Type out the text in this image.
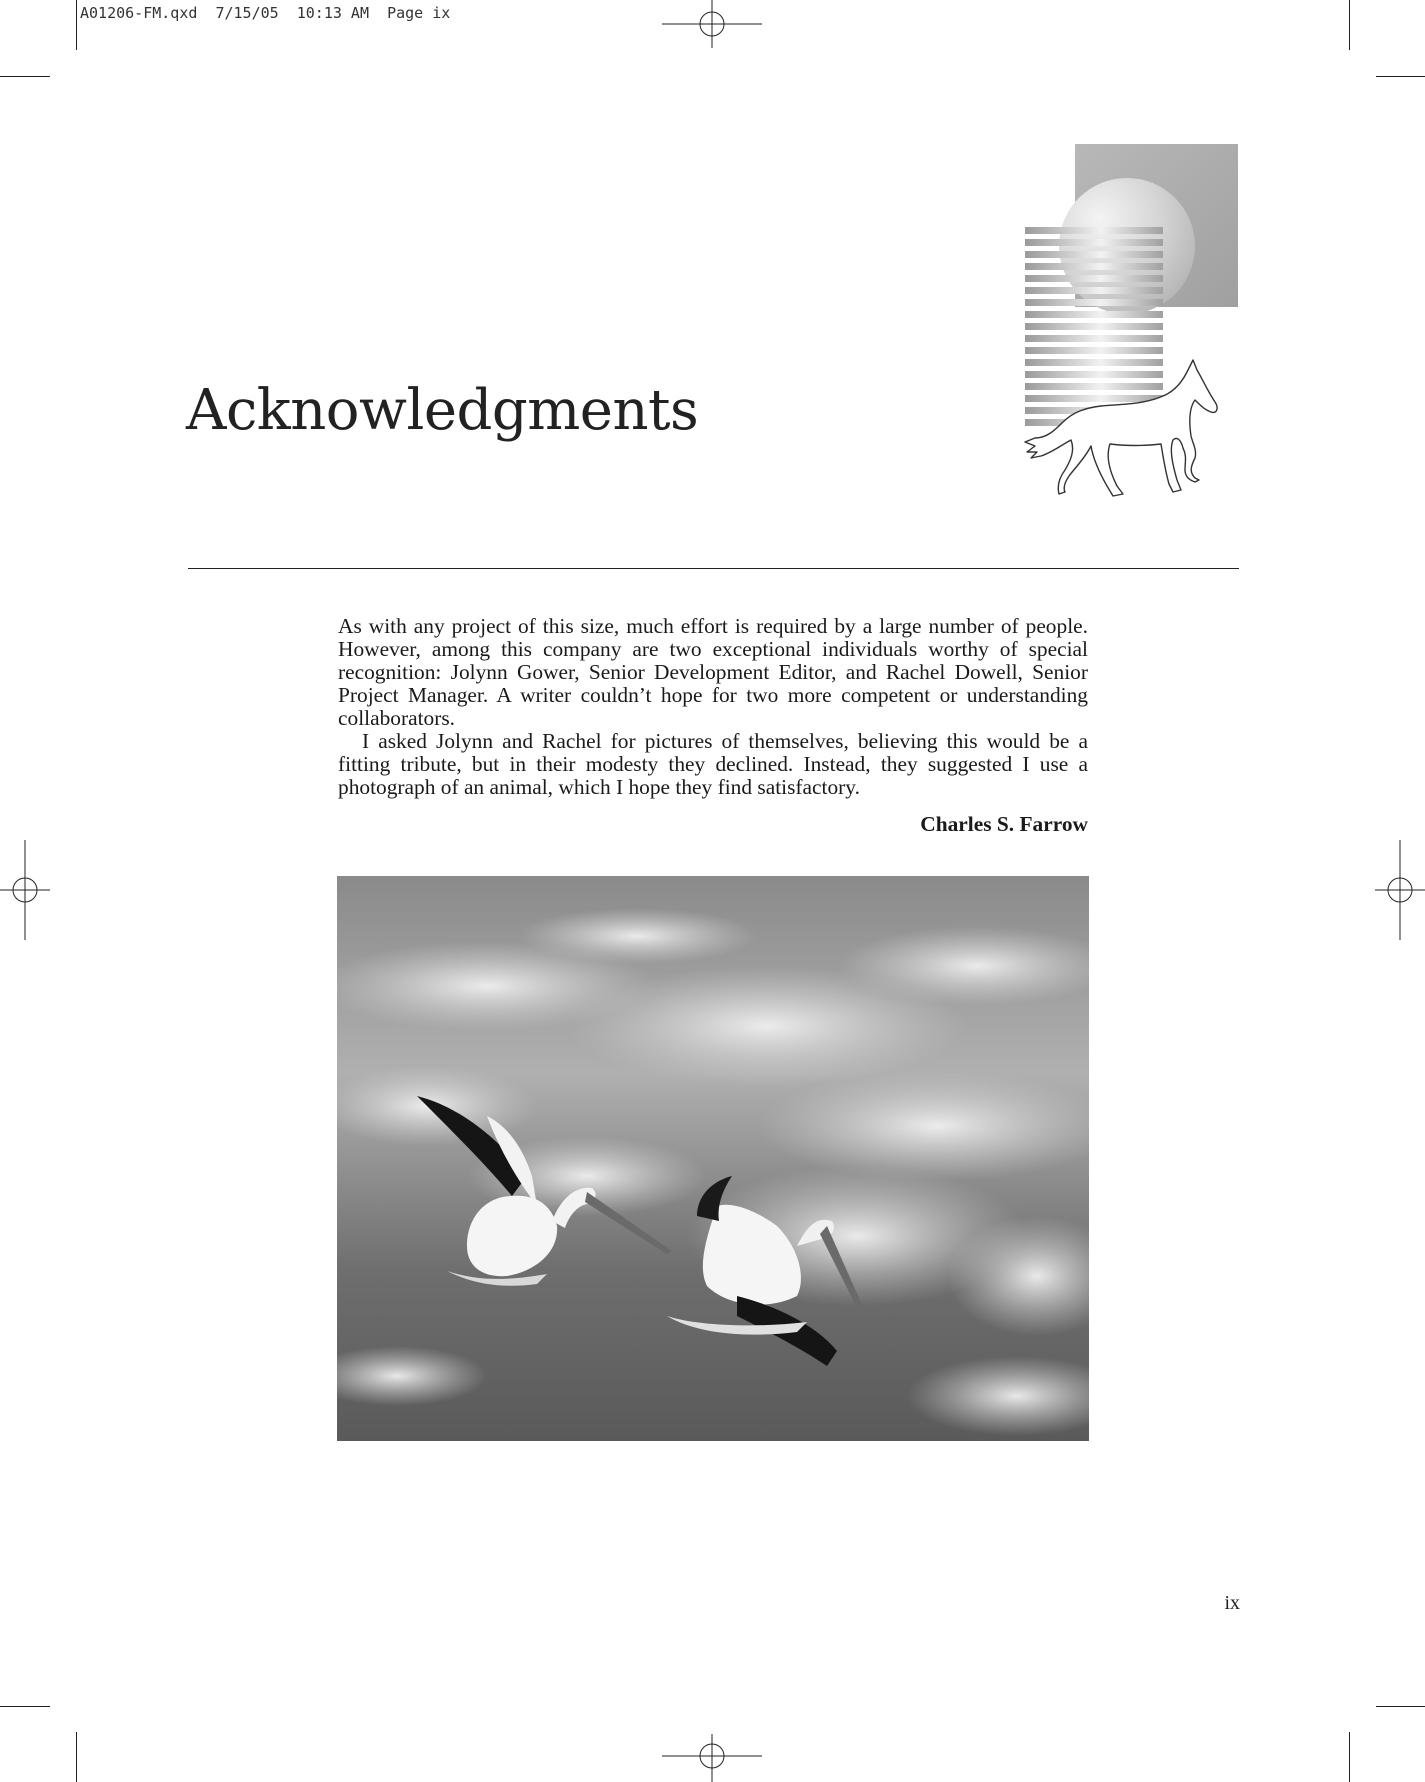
A01206-FM.qxd 7/15/05 10:13 AM Page ix
Acknowledgments

As with any project of this size, much effort is required by a large number of people. However, among this company are two exceptional individuals worthy of special recognition: Jolynn Gower, Senior Development Editor, and Rachel Dowell, Senior Project Manager. A writer couldn’t hope for two more competent or understanding collaborators.

I asked Jolynn and Rachel for pictures of themselves, believing this would be a fitting tribute, but in their modesty they declined. Instead, they suggested I use a photograph of an animal, which I hope they find satisfactory.

Charles S. Farrow
ix
